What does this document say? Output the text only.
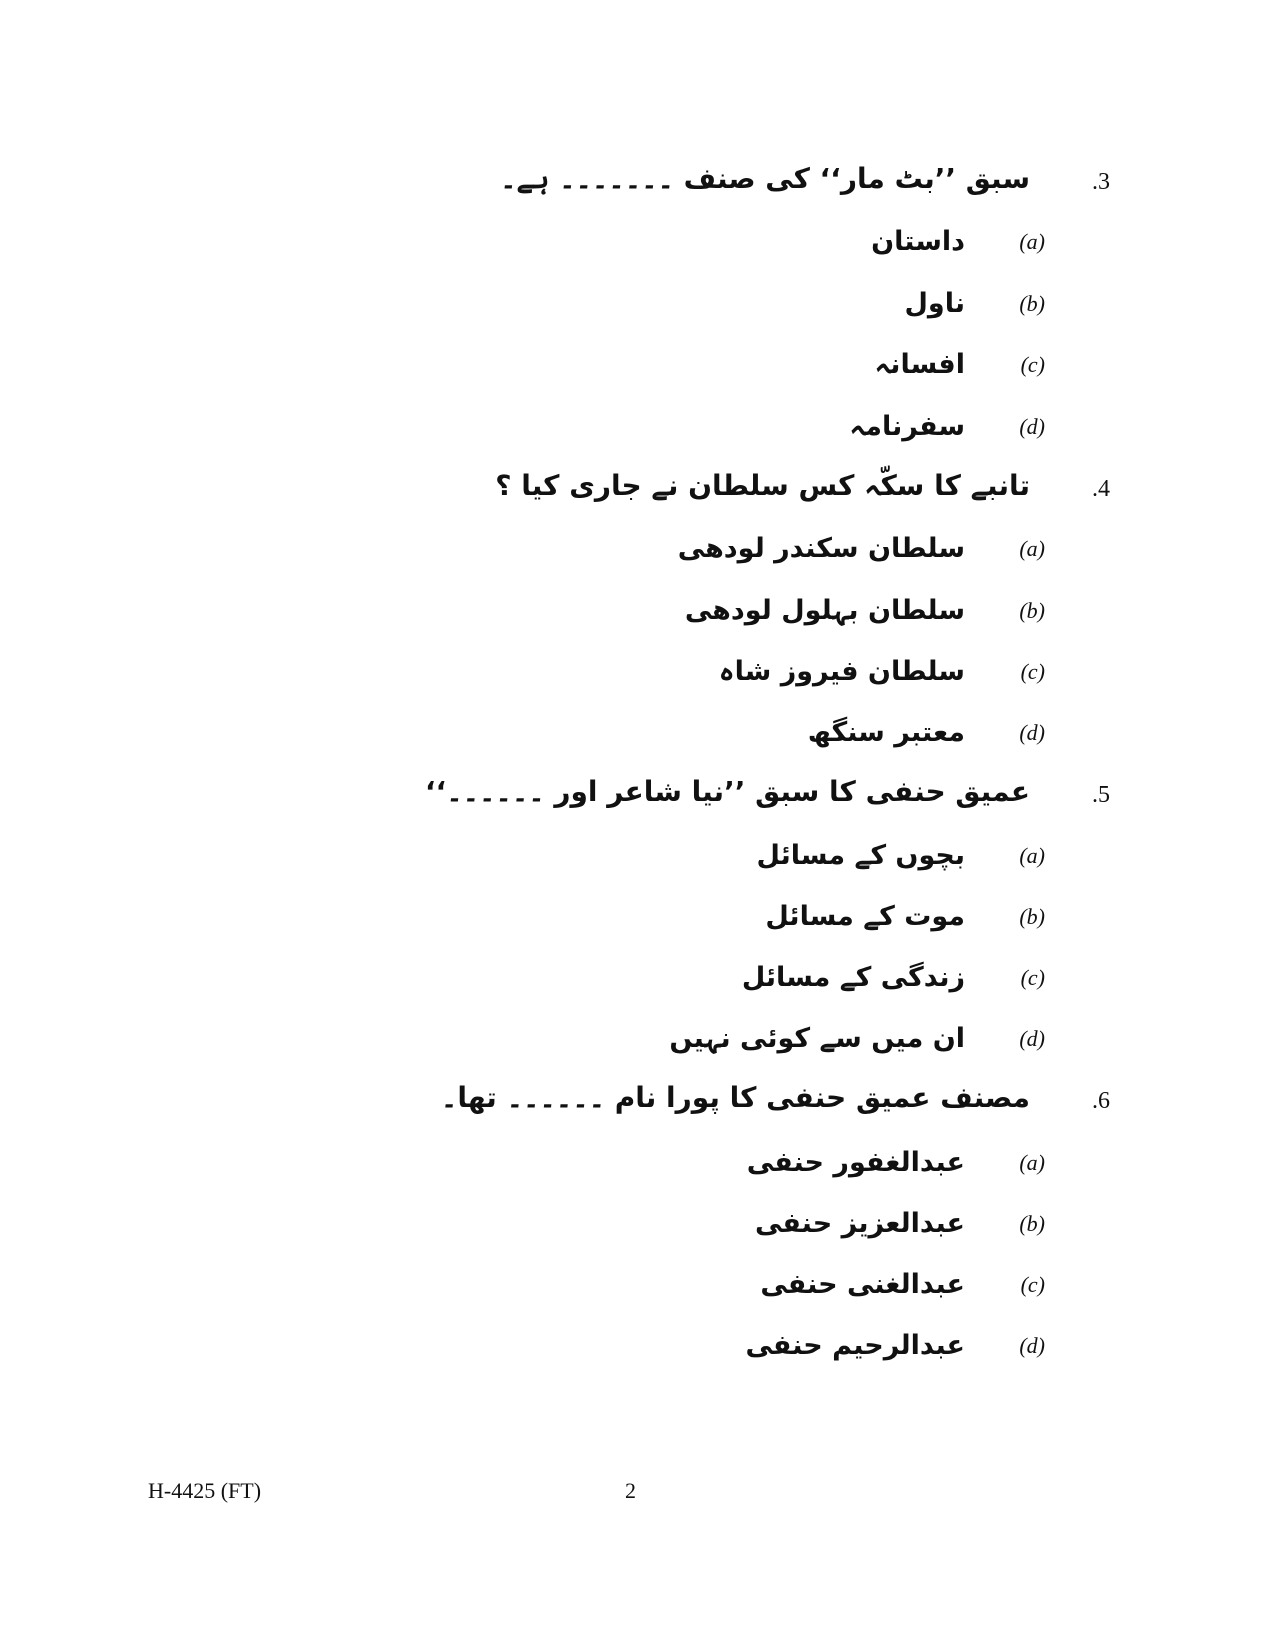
.3
سبق ’’بٹ مار‘‘ کی صنف ۔۔۔۔۔۔۔ ہے۔
(a)
داستان
(b)
ناول
(c)
افسانہ
(d)
سفرنامہ
.4
تانبے کا سکّہ کس سلطان نے جاری کیا ؟
(a)
سلطان سکندر لودھی
(b)
سلطان بہلول لودھی
(c)
سلطان فیروز شاہ
(d)
معتبر سنگھ
.5
عمیق حنفی کا سبق ’’نیا شاعر اور ۔۔۔۔۔۔‘‘
(a)
بچوں کے مسائل
(b)
موت کے مسائل
(c)
زندگی کے مسائل
(d)
ان میں سے کوئی نہیں
.6
مصنف عمیق حنفی کا پورا نام ۔۔۔۔۔۔ تھا۔
(a)
عبدالغفور حنفی
(b)
عبدالعزیز حنفی
(c)
عبدالغنی حنفی
(d)
عبدالرحیم حنفی
H-4425 (FT)	2
